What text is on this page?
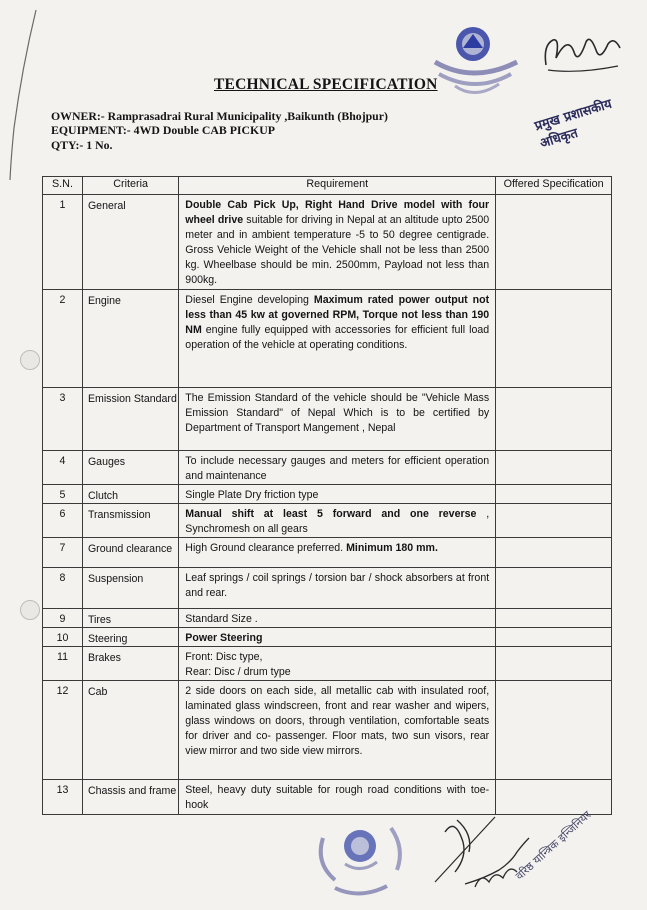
प्रमुख प्रशासकीय अधिकृत
TECHNICAL SPECIFICATION
OWNER:- Ramprasadrai Rural Municipality ,Baikunth (Bhojpur)
EQUIPMENT:- 4WD Double CAB PICKUP
QTY:- 1 No.
S.N.	Criteria	Requirement	Offered Specification
1	General	Double Cab Pick Up, Right Hand Drive model with four wheel drive suitable for driving in Nepal at an altitude upto 2500 meter and in ambient temperature -5 to 50 degree centigrade. Gross Vehicle Weight of the Vehicle shall not be less than 2500 kg. Wheelbase should be min. 2500mm, Payload not less than 900kg.	
2	Engine	Diesel Engine developing Maximum rated power output not less than 45 kw at governed RPM, Torque not less than 190 NM engine fully equipped with accessories for efficient full load operation of the vehicle at operating conditions.	
3	Emission Standard	The Emission Standard of the vehicle should be "Vehicle Mass Emission Standard" of Nepal Which is to be certified by Department of Transport Mangement , Nepal	
4	Gauges	To include necessary gauges and meters for efficient operation and maintenance	
5	Clutch	Single Plate Dry friction type	
6	Transmission	Manual shift at least 5 forward and one reverse , Synchromesh on all gears	
7	Ground clearance	High Ground clearance preferred. Minimum 180 mm.	
8	Suspension	Leaf springs / coil springs / torsion bar / shock absorbers at front and rear.	
9	Tires	Standard Size .	
10	Steering	Power Steering	
11	Brakes	Front: Disc type,
Rear: Disc / drum type	
12	Cab	2 side doors on each side, all metallic cab with insulated roof, laminated glass windscreen, front and rear washer and wipers, glass windows on doors, through ventilation, comfortable seats for driver and co- passenger. Floor mats, two sun visors, rear view mirror and two side view mirrors.	
13	Chassis and frame	Steel, heavy duty suitable for rough road conditions with toe-hook	
वरिष्ठ यान्त्रिक इन्जिनियर
